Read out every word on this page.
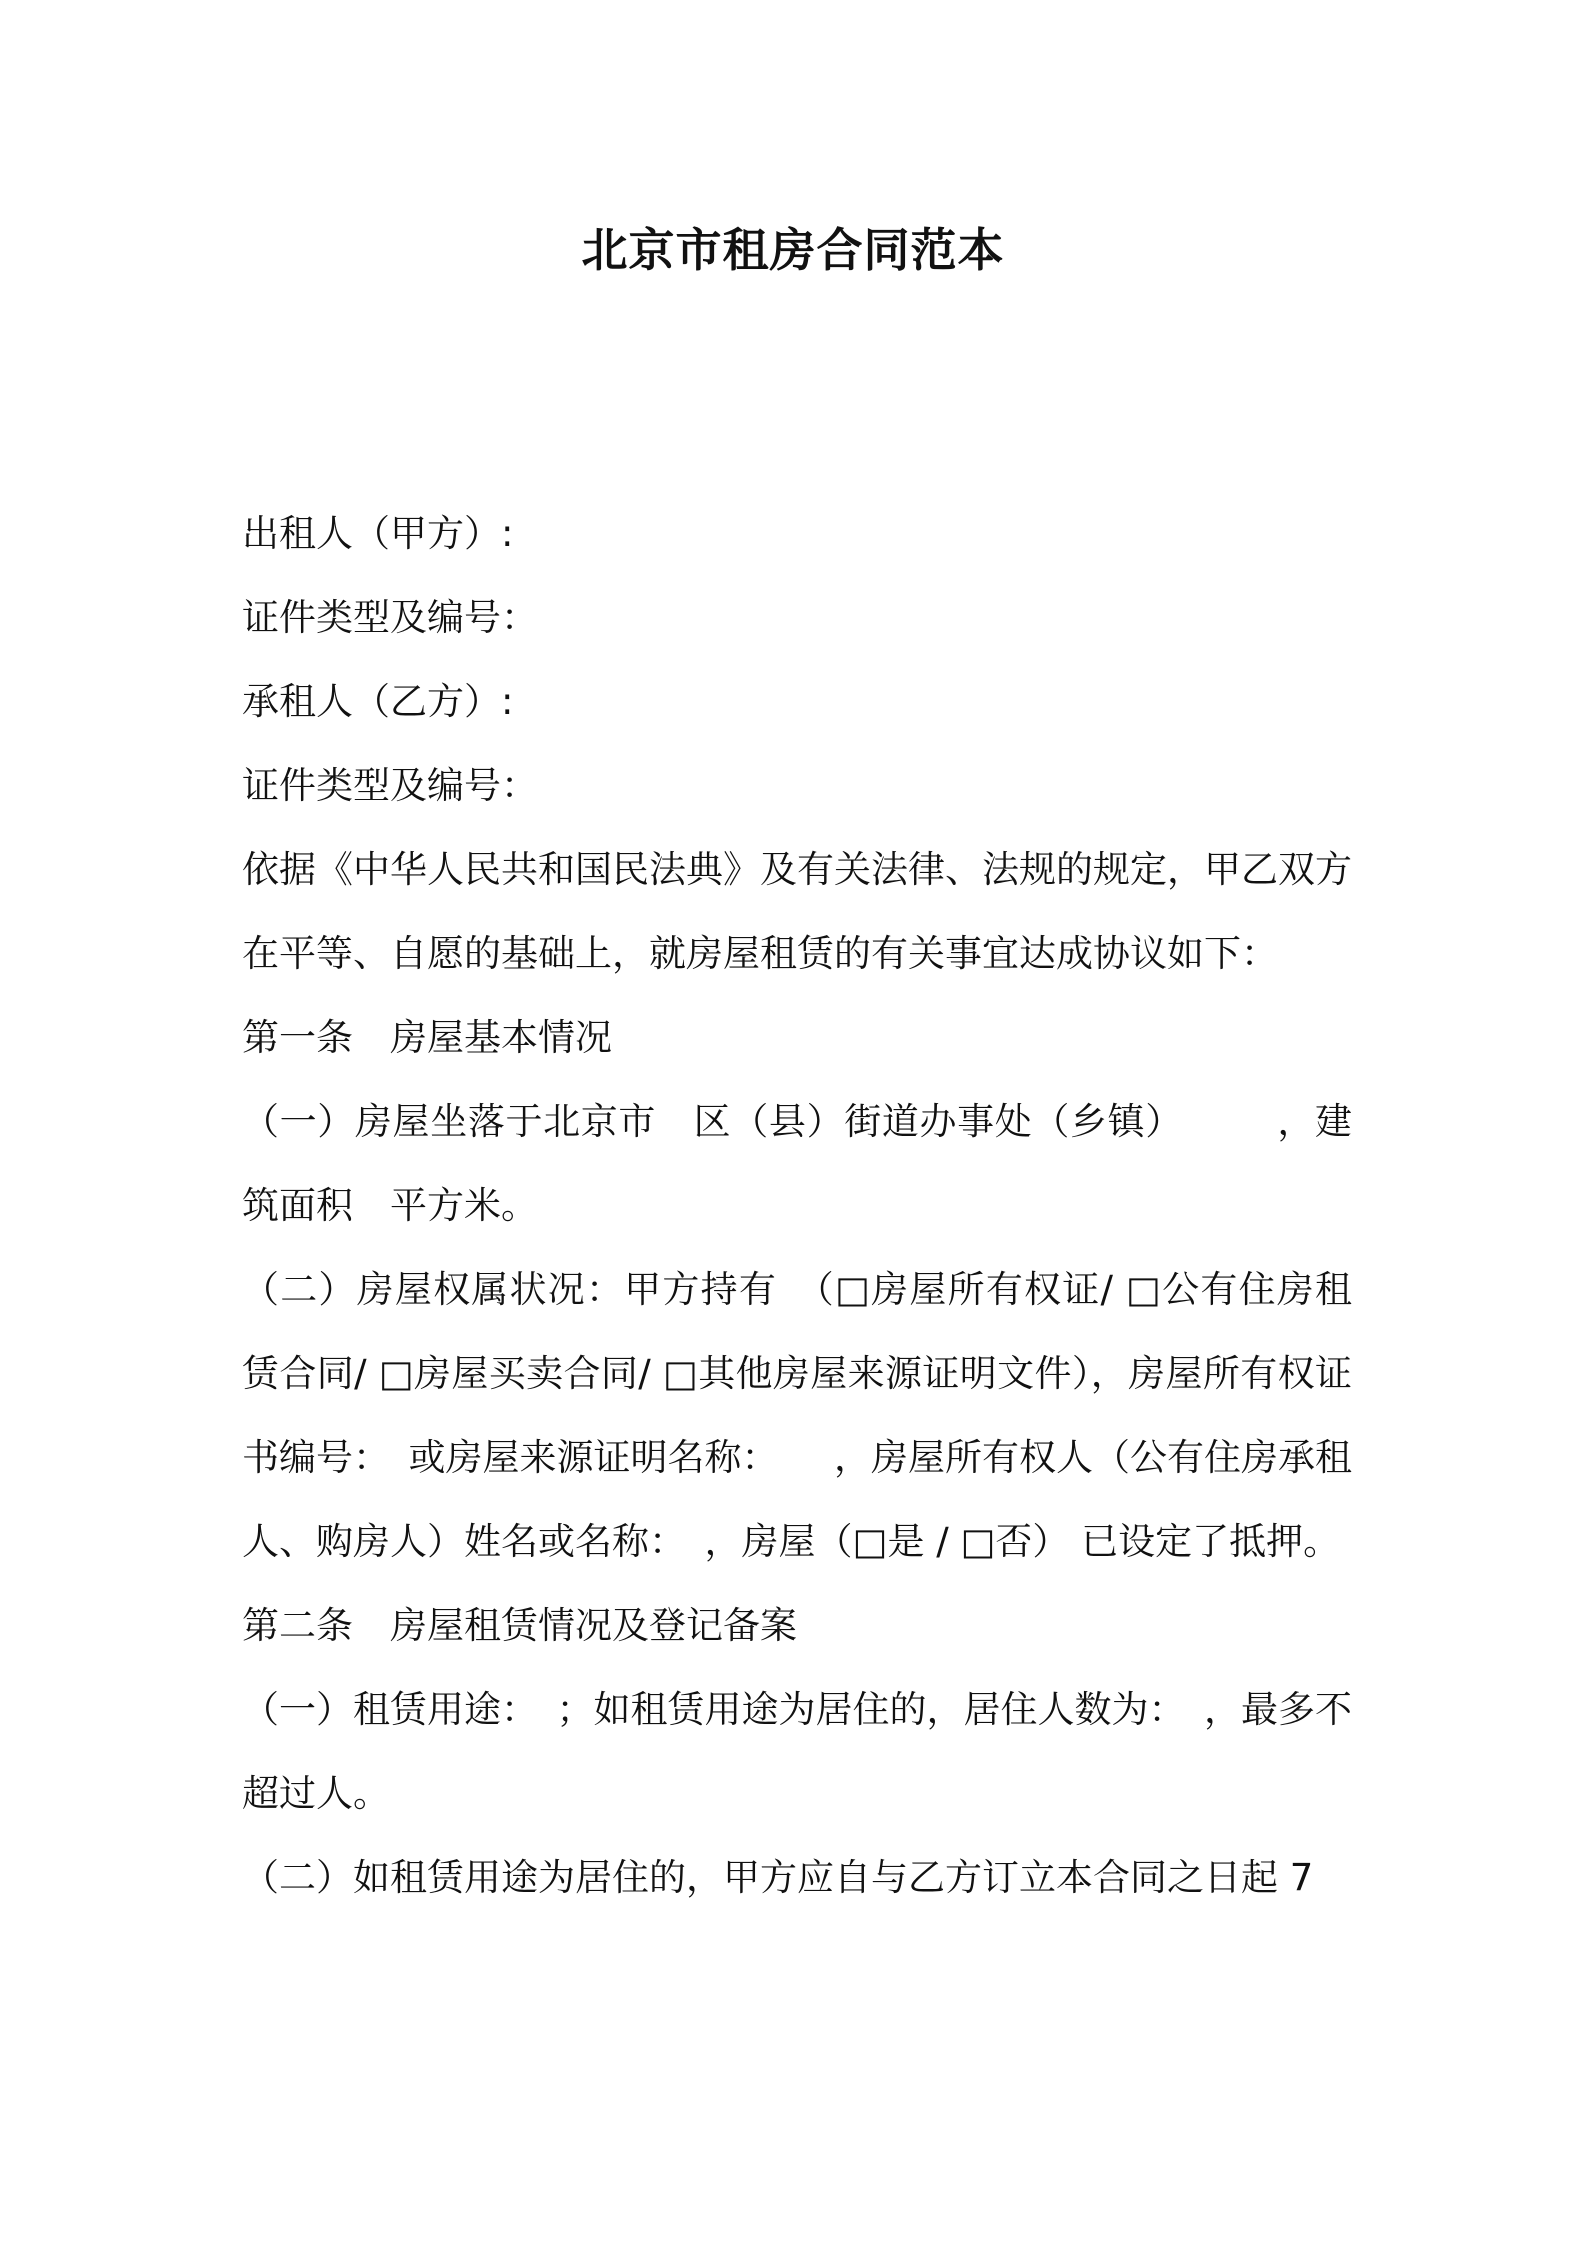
北京市租房合同范本
出租人（甲方）:
证件类型及编号：
承租人（乙方）:
证件类型及编号：
依据《中华人民共和国民法典》及有关法律、法规的规定，甲乙双方在平等、自愿的基础上，就房屋租赁的有关事宜达成协议如下：
第一条　房屋基本情况
（一）房屋坐落于北京市　区（县）街道办事处（乡镇）　　　，建筑面积　平方米。
（二）房屋权属状况：甲方持有　（□房屋所有权证/ □公有住房租赁合同/ □房屋买卖合同/ □其他房屋来源证明文件），房屋所有权证书编号：　或房屋来源证明名称：　　，房屋所有权人（公有住房承租人、购房人）姓名或名称：　，房屋（□是 / □否） 已设定了抵押。
第二条　房屋租赁情况及登记备案
（一）租赁用途：　；如租赁用途为居住的，居住人数为：　，最多不超过人。
（二）如租赁用途为居住的，甲方应自与乙方订立本合同之日起 7
